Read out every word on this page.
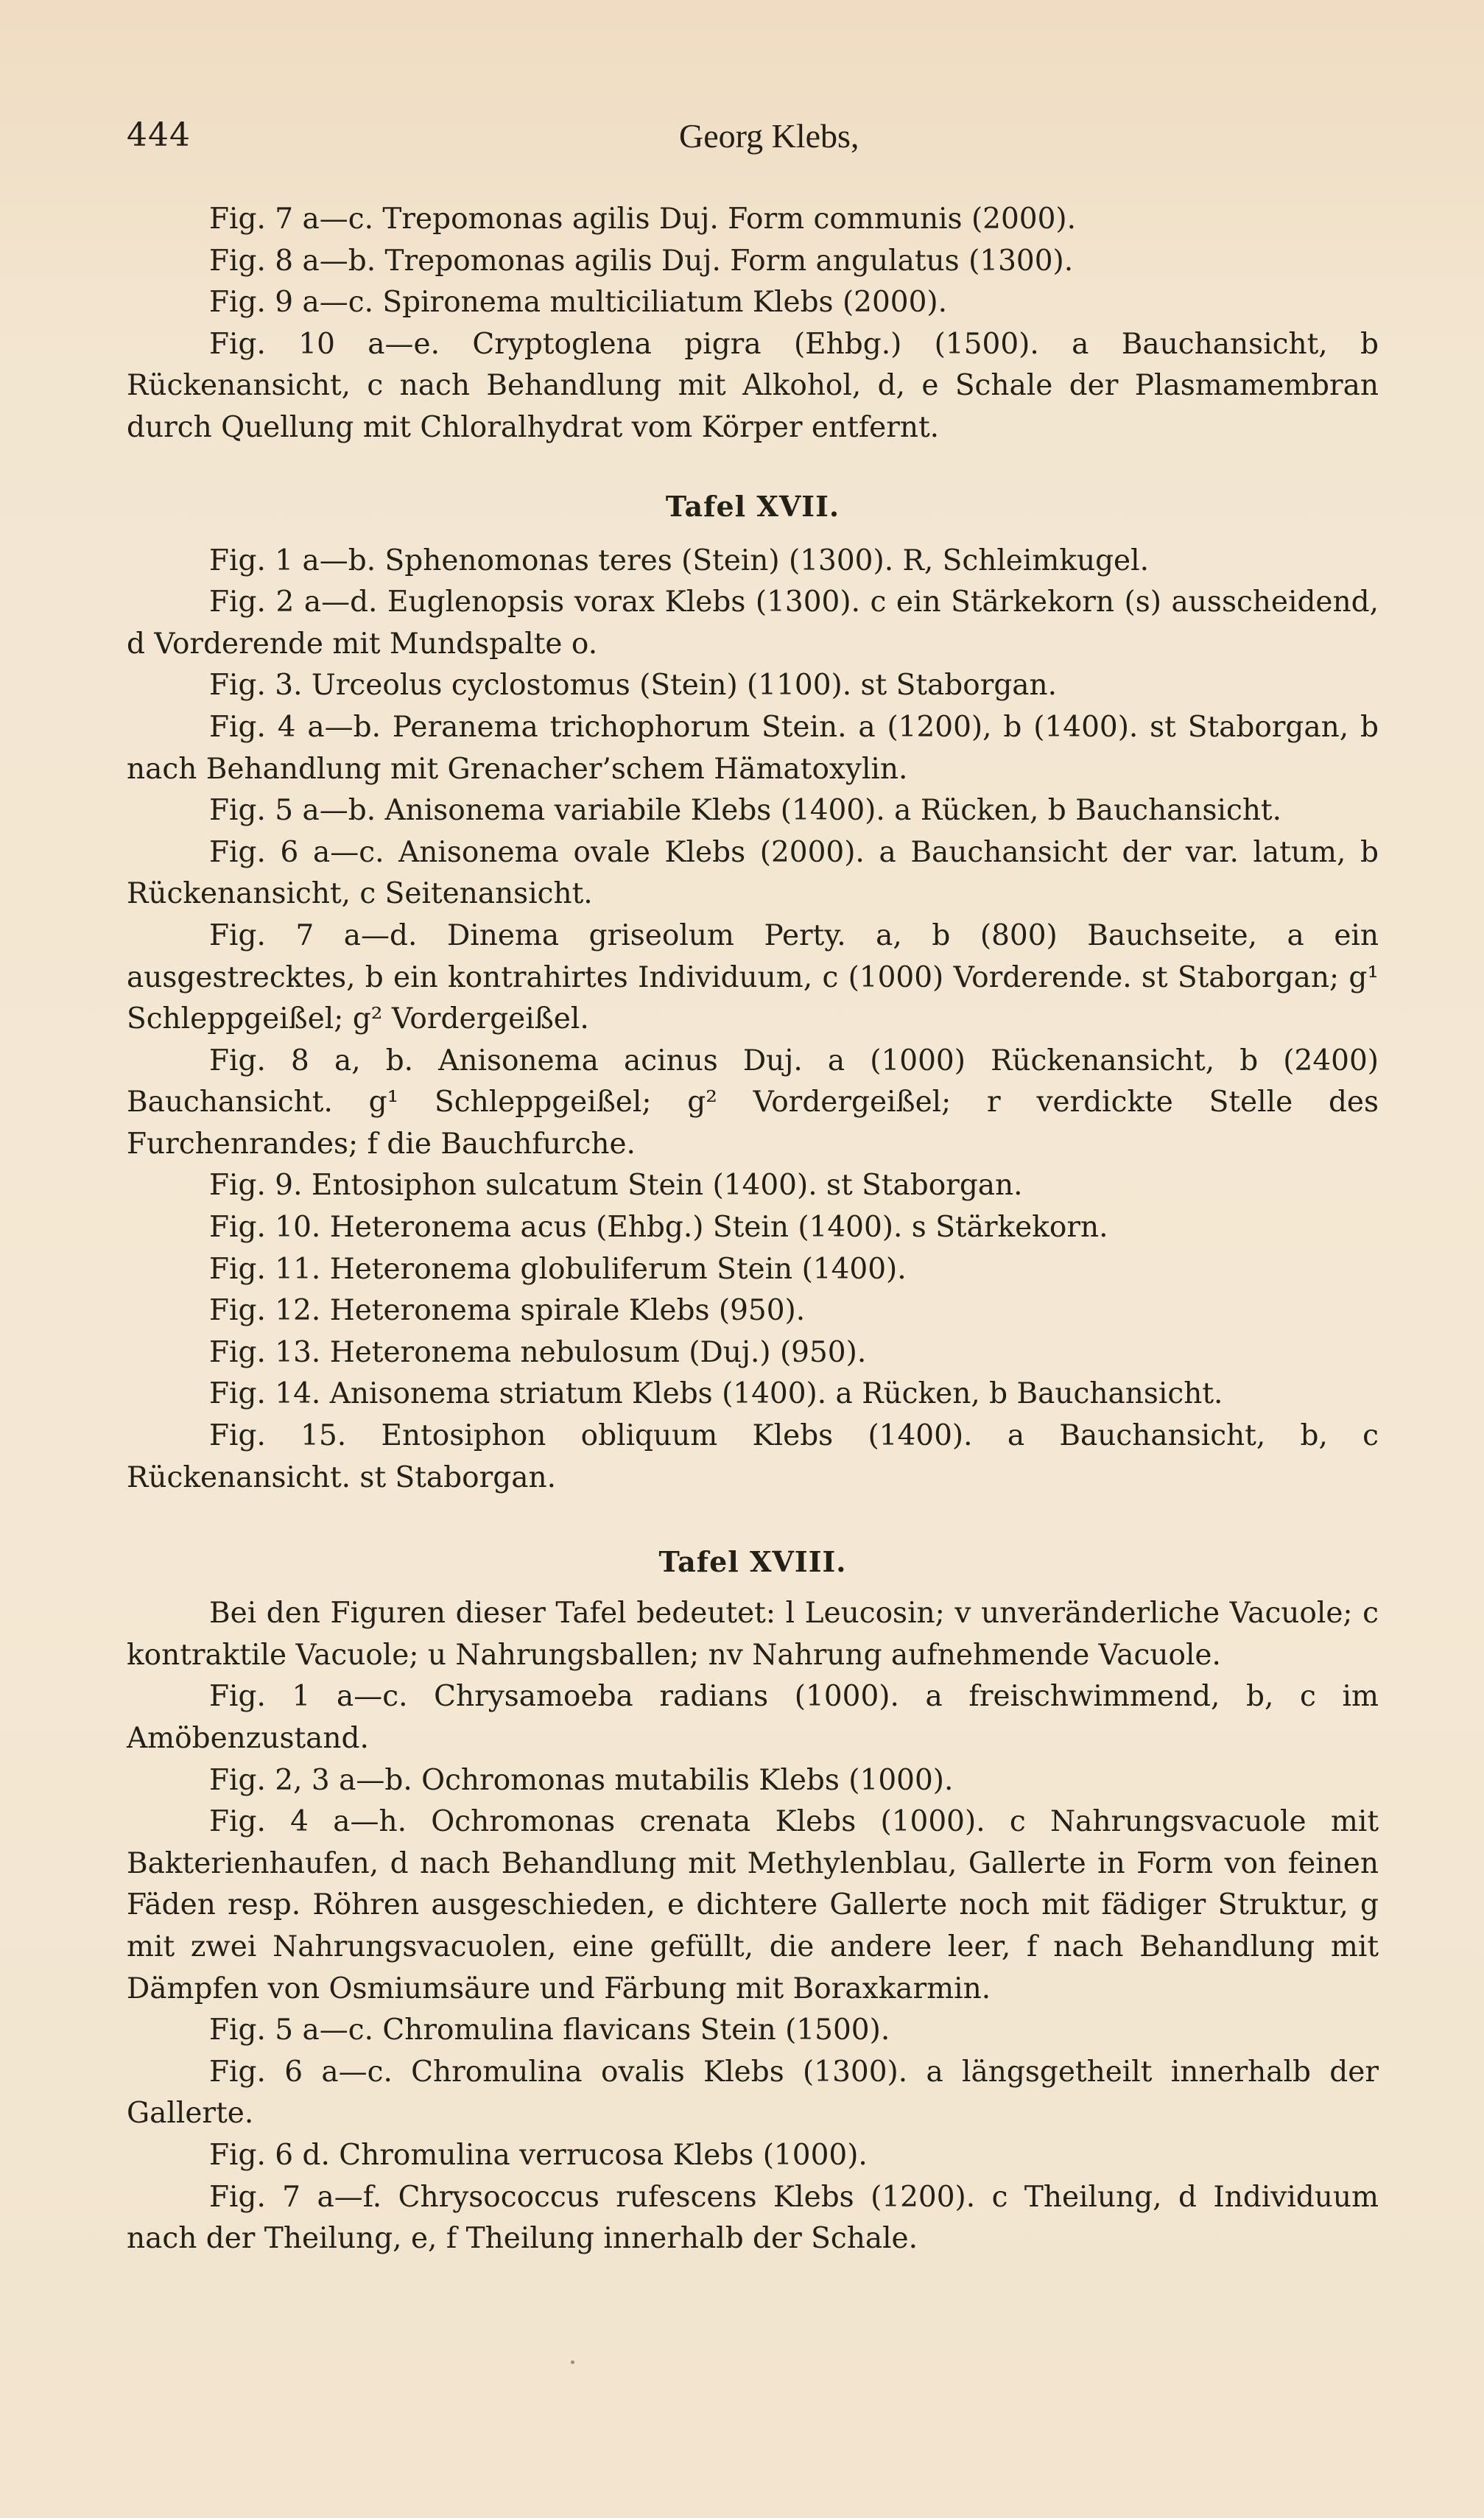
444	Georg Klebs,

Fig. 7 a—c. Trepomonas agilis Duj. Form communis (2000).

Fig. 8 a—b. Trepomonas agilis Duj. Form angulatus (1300).

Fig. 9 a—c. Spironema multiciliatum Klebs (2000).

Fig. 10 a—e. Cryptoglena pigra (Ehbg.) (1500). a Bauchansicht, b Rückenansicht, c nach Behandlung mit Alkohol, d, e Schale der Plasmamembran durch Quellung mit Chloralhydrat vom Körper entfernt.

Tafel XVII.

Fig. 1 a—b. Sphenomonas teres (Stein) (1300). R, Schleimkugel.

Fig. 2 a—d. Euglenopsis vorax Klebs (1300). c ein Stärkekorn (s) ausscheidend, d Vorderende mit Mundspalte o.

Fig. 3. Urceolus cyclostomus (Stein) (1100). st Staborgan.

Fig. 4 a—b. Peranema trichophorum Stein. a (1200), b (1400). st Staborgan, b nach Behandlung mit Grenacher’schem Hämatoxylin.

Fig. 5 a—b. Anisonema variabile Klebs (1400). a Rücken, b Bauchansicht.

Fig. 6 a—c. Anisonema ovale Klebs (2000). a Bauchansicht der var. latum, b Rückenansicht, c Seitenansicht.

Fig. 7 a—d. Dinema griseolum Perty. a, b (800) Bauchseite, a ein ausgestrecktes, b ein kontrahirtes Individuum, c (1000) Vorderende. st Staborgan; g¹ Schleppgeißel; g² Vordergeißel.

Fig. 8 a, b. Anisonema acinus Duj. a (1000) Rückenansicht, b (2400) Bauchansicht. g¹ Schleppgeißel; g² Vordergeißel; r verdickte Stelle des Furchenrandes; f die Bauchfurche.

Fig. 9. Entosiphon sulcatum Stein (1400). st Staborgan.

Fig. 10. Heteronema acus (Ehbg.) Stein (1400). s Stärkekorn.

Fig. 11. Heteronema globuliferum Stein (1400).

Fig. 12. Heteronema spirale Klebs (950).

Fig. 13. Heteronema nebulosum (Duj.) (950).

Fig. 14. Anisonema striatum Klebs (1400). a Rücken, b Bauchansicht.

Fig. 15. Entosiphon obliquum Klebs (1400). a Bauchansicht, b, c Rückenansicht. st Staborgan.

Tafel XVIII.

Bei den Figuren dieser Tafel bedeutet: l Leucosin; v unveränderliche Vacuole; c kontraktile Vacuole; u Nahrungsballen; nv Nahrung aufnehmende Vacuole.

Fig. 1 a—c. Chrysamoeba radians (1000). a freischwimmend, b, c im Amöbenzustand.

Fig. 2, 3 a—b. Ochromonas mutabilis Klebs (1000).

Fig. 4 a—h. Ochromonas crenata Klebs (1000). c Nahrungsvacuole mit Bakterienhaufen, d nach Behandlung mit Methylenblau, Gallerte in Form von feinen Fäden resp. Röhren ausgeschieden, e dichtere Gallerte noch mit fädiger Struktur, g mit zwei Nahrungsvacuolen, eine gefüllt, die andere leer, f nach Behandlung mit Dämpfen von Osmiumsäure und Färbung mit Boraxkarmin.

Fig. 5 a—c. Chromulina flavicans Stein (1500).

Fig. 6 a—c. Chromulina ovalis Klebs (1300). a längsgetheilt innerhalb der Gallerte.

Fig. 6 d. Chromulina verrucosa Klebs (1000).

Fig. 7 a—f. Chrysococcus rufescens Klebs (1200). c Theilung, d Individuum nach der Theilung, e, f Theilung innerhalb der Schale.
